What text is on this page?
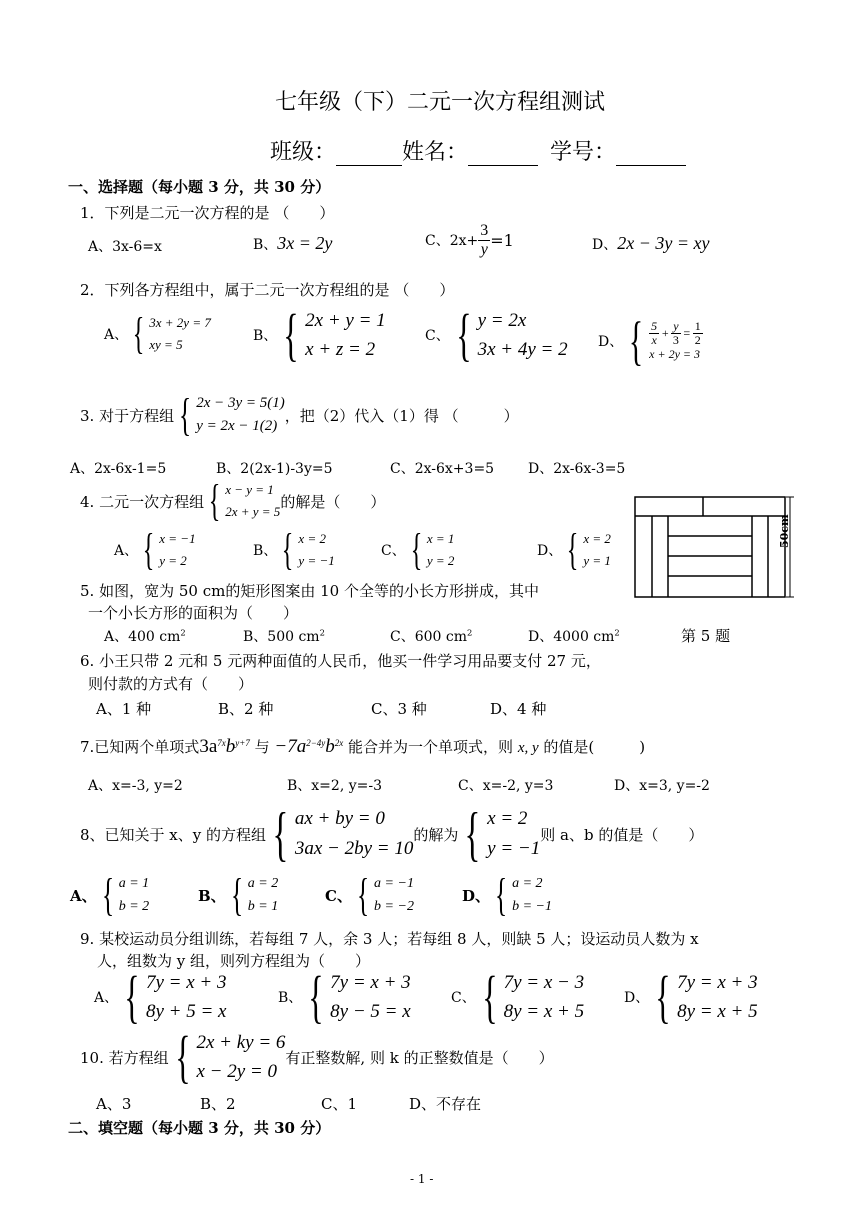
七年级（下）二元一次方程组测试
班级：	姓名：	学号：
一、选择题（每小题 3 分，共 30 分）
1．下列是二元一次方程的是 （　　）
A、3x-6=x	B、3x = 2y	C、$2x+ \frac{3}{y} =1$	D、2x − 3y = xy
2．下列各方程组中，属于二元一次方程组的是 （　　）
A、 { 3x + 2y = 7
xy = 5
B、 { 2x + y = 1
x + z = 2
C、 { y = 2x
3x + 4y = 2 D、 { $\frac{5}{x} + \frac{y}{3} = \frac{1}{2}$
x + 2y = 3
3. 对于方程组 { 2x − 3y = 5(1)
y = 2x − 1(2)
，把（2）代入（1）得 （　　　）
A、2x-6x-1=5	B、2(2x-1)-3y=5	C、2x-6x+3=5 D、2x-6x-3=5
4. 二元一次方程组 { x − y = 1
2x + y = 5
的解是（　　）
A、 { x = −1
y = 2
B、 { x = 2
y = −1
C、 { x = 1
y = 2
D、 { x = 2
y = 1
50cm
5. 如图，宽为 50 cm的矩形图案由 10 个全等的小长方形拼成，其中
一个小长方形的面积为（　　）
A、400 $cm^2$	B、500 $cm^2$	C、600 $cm^2$	D、4000 $cm^2$	第 5 题
6. 小王只带 2 元和 5 元两种面值的人民币，他买一件学习用品要支付 27 元，
则付款的方式有（　　）
A、1 种	B、2 种	C、3 种	D、4 种
7.已知两个单项式$3a^{7x}b^{y+7}$ 与 $-7a^{2-4y}b^{2x}$ 能合并为一个单项式，则 x, y 的值是(　　　)
A、x=-3, y=2	B、x=2, y=-3	C、x=-2, y=3	D、x=3, y=-2
8、已知关于 x、y 的方程组 { ax + by = 0
3ax − 2by = 10
的解为 { x = 2
y = −1
则 a、b 的值是（　　）
A、 { a = 1
b = 2
B、 { a = 2
b = 1
C、 { a = −1
b = −2
D、 { a = 2
b = −1
9. 某校运动员分组训练，若每组 7 人，余 3 人；若每组 8 人，则缺 5 人；设运动员人数为 x
人，组数为 y 组，则列方程组为（　　）
A、 { 7y = x + 3
8y + 5 = x
B、 { 7y = x + 3
8y − 5 = x
C、 { 7y = x − 3
8y = x + 5
D、 { 7y = x + 3
8y = x + 5
10. 若方程组 { 2x + ky = 6
x − 2y = 0
有正整数解, 则 k 的正整数值是（　　）
A、3	B、2	C、1	D、不存在
二、填空题（每小题 3 分，共 30 分）
- 1 -
